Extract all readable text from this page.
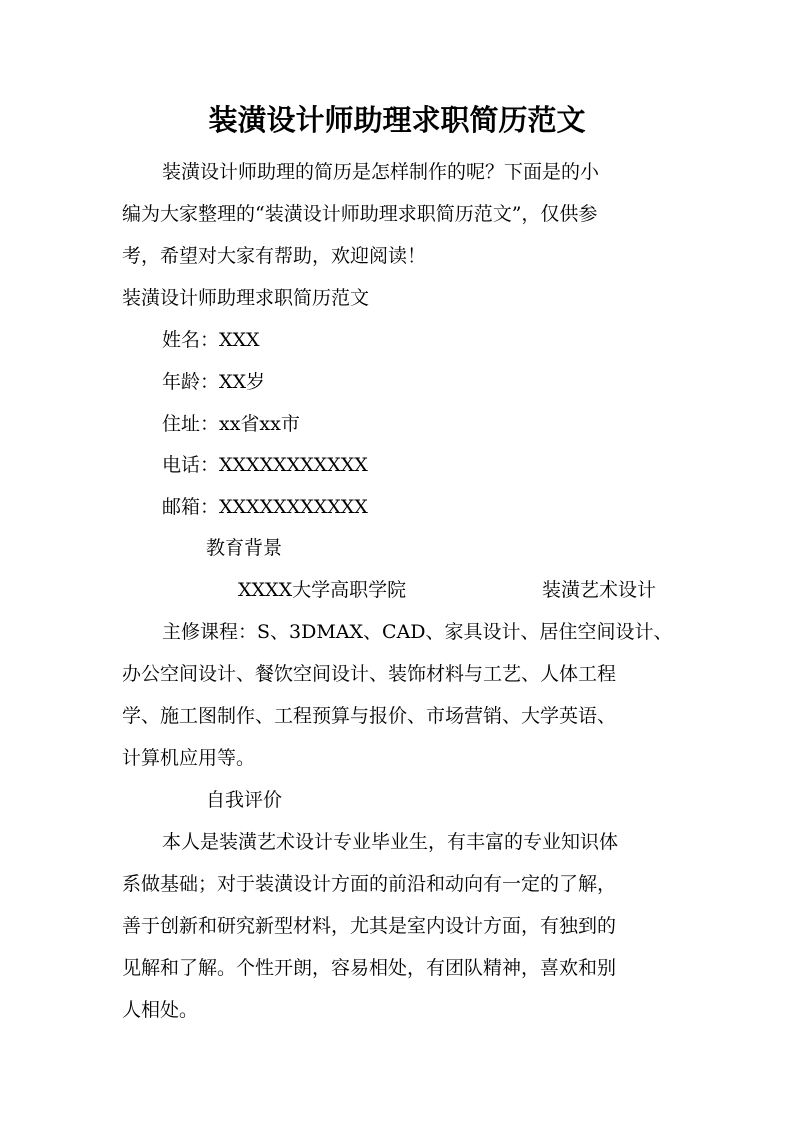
装潢设计师助理求职简历范文
装潢设计师助理的简历是怎样制作的呢？下面是的小
编为大家整理的“装潢设计师助理求职简历范文”，仅供参
考，希望对大家有帮助，欢迎阅读！
装潢设计师助理求职简历范文
姓名：XXX
年龄：XX岁
住址：xx省xx市
电话：XXXXXXXXXXX
邮箱：XXXXXXXXXXX
教育背景
XXXX大学高职学院	装潢艺术设计
主修课程：S、3DMAX、CAD、家具设计、居住空间设计、
办公空间设计、餐饮空间设计、装饰材料与工艺、人体工程
学、施工图制作、工程预算与报价、市场营销、大学英语、
计算机应用等。
自我评价
本人是装潢艺术设计专业毕业生，有丰富的专业知识体
系做基础；对于装潢设计方面的前沿和动向有一定的了解，
善于创新和研究新型材料，尤其是室内设计方面，有独到的
见解和了解。个性开朗，容易相处，有团队精神，喜欢和别
人相处。
